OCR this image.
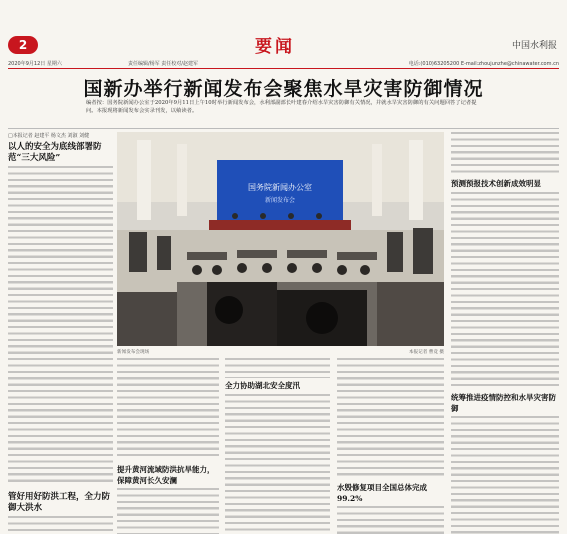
2	要闻	中国水利报
2020年9月12日 星期六	责任编辑/杨军 责任校对/赵建军	电话:(010)63205200 E-mail:zhoujunzhe@chinawater.com.cn
国新办举行新闻发布会聚焦水旱灾害防御情况
编者按：国务院新闻办公室于2020年9月11日上午10时举行新闻发布会，水利部副部长叶建春介绍水旱灾害防御有关情况，并就水旱灾害防御的有关问题回答了记者提问。本报现将新闻发布会实录刊发，以飨读者。
□本报记者 赵建平 杨文杰 刘淑 刘健
以人的安全为底线部署防范“三大风险”
管好用好防洪工程，全力防御大洪水
国务院新闻办公室
新闻发布会
新闻发布会现场	本报记者 曹竞 摄
提升黄河流域防洪抗旱能力，保障黄河长久安澜
全力协助湖北安全度汛
水毁修复项目全国总体完成99.2%
预测预报技术创新成效明显
统筹推进疫情防控和水旱灾害防御
